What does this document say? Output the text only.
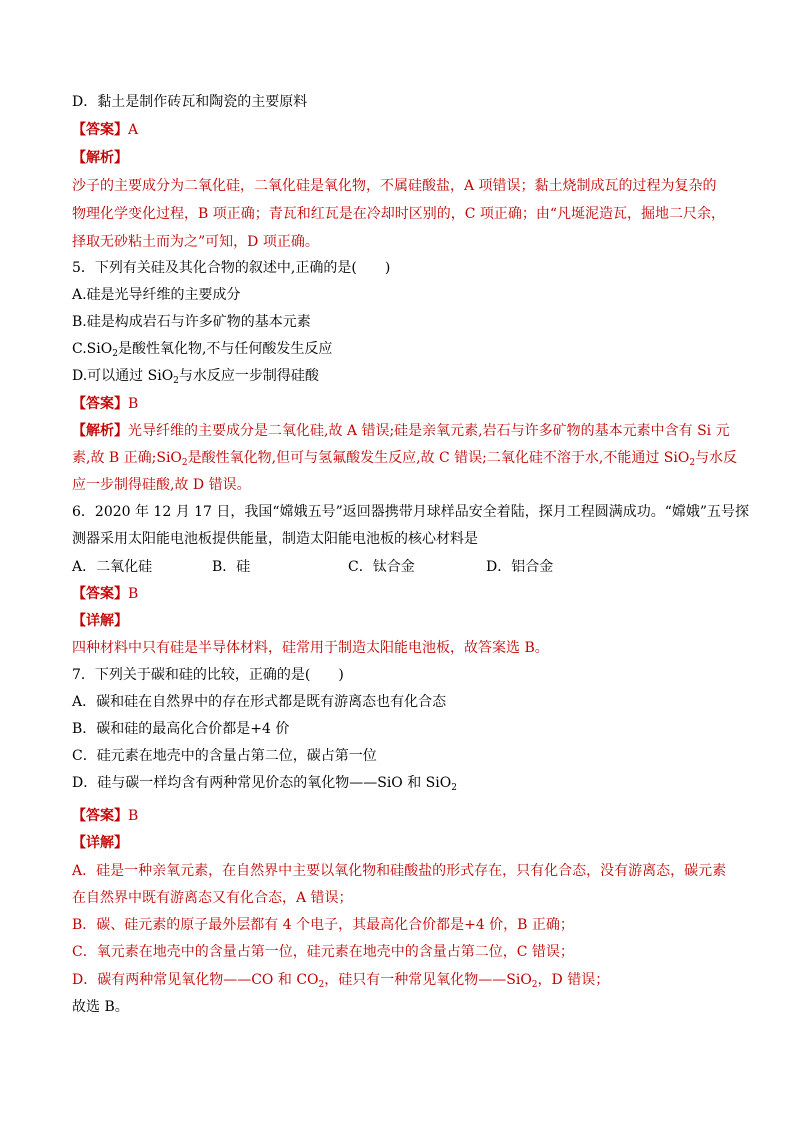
D．黏土是制作砖瓦和陶瓷的主要原料
【答案】A
【解析】
沙子的主要成分为二氧化硅，二氧化硅是氧化物，不属硅酸盐，A 项错误；黏土烧制成瓦的过程为复杂的
物理化学变化过程，B 项正确；青瓦和红瓦是在冷却时区别的，C 项正确；由“凡埏泥造瓦，掘地二尺余，
择取无砂粘土而为之”可知，D 项正确。
5．下列有关硅及其化合物的叙述中,正确的是(　　)
A.硅是光导纤维的主要成分
B.硅是构成岩石与许多矿物的基本元素
C.SiO$_2$是酸性氧化物,不与任何酸发生反应
D.可以通过 SiO$_2$与水反应一步制得硅酸
【答案】B
【解析】光导纤维的主要成分是二氧化硅,故 A 错误;硅是亲氧元素,岩石与许多矿物的基本元素中含有 Si 元
素,故 B 正确;SiO$_2$是酸性氧化物,但可与氢氟酸发生反应,故 C 错误;二氧化硅不溶于水,不能通过 SiO$_2$与水反
应一步制得硅酸,故 D 错误。
6．2020 年 12 月 17 日，我国“嫦娥五号”返回器携带月球样品安全着陆，探月工程圆满成功。“嫦娥”五号探
测器采用太阳能电池板提供能量，制造太阳能电池板的核心材料是
A．二氧化硅	B．硅	C．钛合金	D．铝合金
【答案】B
【详解】
四种材料中只有硅是半导体材料，硅常用于制造太阳能电池板，故答案选 B。
7．下列关于碳和硅的比较，正确的是(　　)
A．碳和硅在自然界中的存在形式都是既有游离态也有化合态
B．碳和硅的最高化合价都是+4 价
C．硅元素在地壳中的含量占第二位，碳占第一位
D．硅与碳一样均含有两种常见价态的氧化物——SiO 和 SiO$_2$
【答案】B
【详解】
A．硅是一种亲氧元素，在自然界中主要以氧化物和硅酸盐的形式存在，只有化合态，没有游离态，碳元素
在自然界中既有游离态又有化合态，A 错误；
B．碳、硅元素的原子最外层都有 4 个电子，其最高化合价都是+4 价，B 正确；
C．氧元素在地壳中的含量占第一位，硅元素在地壳中的含量占第二位，C 错误；
D．碳有两种常见氧化物——CO 和 $CO_2$，硅只有一种常见氧化物——SiO$_2$，D 错误；
故选 B。
